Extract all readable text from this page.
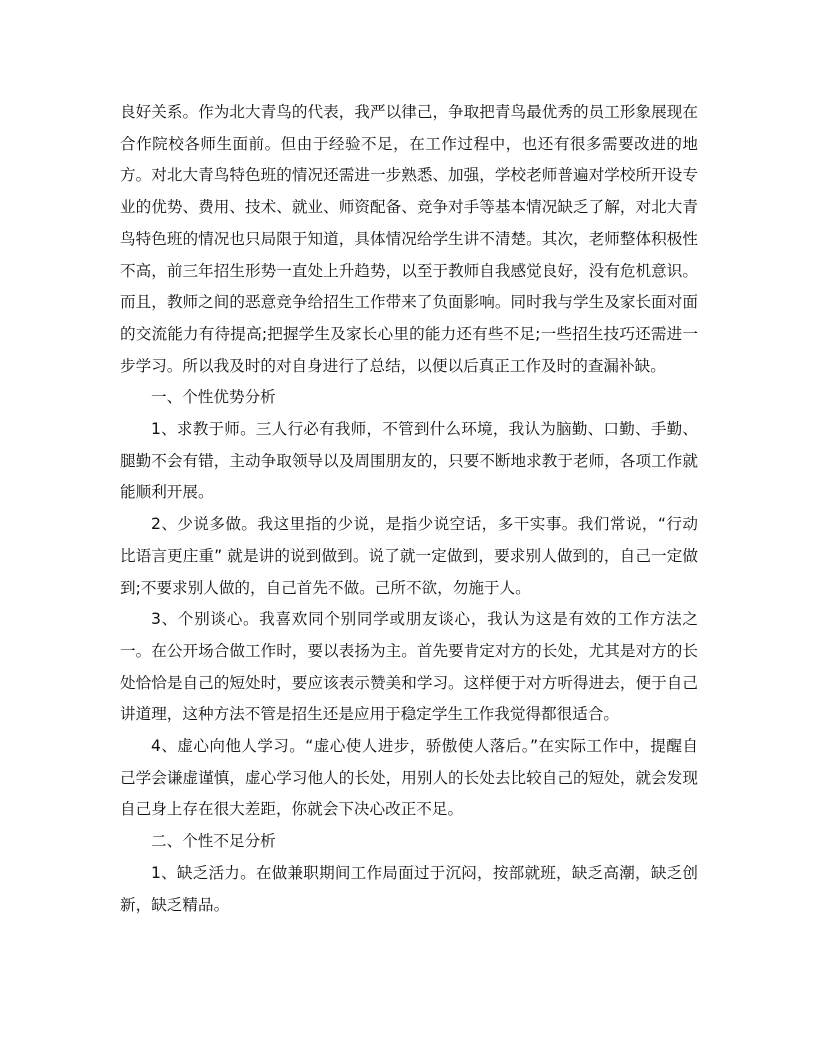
良好关系。作为北大青鸟的代表，我严以律己，争取把青鸟最优秀的员工形象展现在合作院校各师生面前。但由于经验不足，在工作过程中，也还有很多需要改进的地方。对北大青鸟特色班的情况还需进一步熟悉、加强，学校老师普遍对学校所开设专业的优势、费用、技术、就业、师资配备、竞争对手等基本情况缺乏了解，对北大青鸟特色班的情况也只局限于知道，具体情况给学生讲不清楚。其次，老师整体积极性不高，前三年招生形势一直处上升趋势，以至于教师自我感觉良好，没有危机意识。而且，教师之间的恶意竞争给招生工作带来了负面影响。同时我与学生及家长面对面的交流能力有待提高;把握学生及家长心里的能力还有些不足;一些招生技巧还需进一步学习。所以我及时的对自身进行了总结，以便以后真正工作及时的查漏补缺。

一、个性优势分析

1、求教于师。三人行必有我师，不管到什么环境，我认为脑勤、口勤、手勤、腿勤不会有错，主动争取领导以及周围朋友的，只要不断地求教于老师，各项工作就能顺利开展。

2、少说多做。我这里指的少说，是指少说空话，多干实事。我们常说，“行动比语言更庄重” 就是讲的说到做到。说了就一定做到，要求别人做到的，自己一定做到;不要求别人做的，自己首先不做。己所不欲，勿施于人。

3、个别谈心。我喜欢同个别同学或朋友谈心，我认为这是有效的工作方法之一。在公开场合做工作时，要以表扬为主。首先要肯定对方的长处，尤其是对方的长处恰恰是自己的短处时，要应该表示赞美和学习。这样便于对方听得进去，便于自己讲道理，这种方法不管是招生还是应用于稳定学生工作我觉得都很适合。

4、虚心向他人学习。“虚心使人进步，骄傲使人落后。”在实际工作中，提醒自己学会谦虚谨慎，虚心学习他人的长处，用别人的长处去比较自己的短处，就会发现自己身上存在很大差距，你就会下决心改正不足。

二、个性不足分析

1、缺乏活力。在做兼职期间工作局面过于沉闷，按部就班，缺乏高潮，缺乏创新，缺乏精品。
